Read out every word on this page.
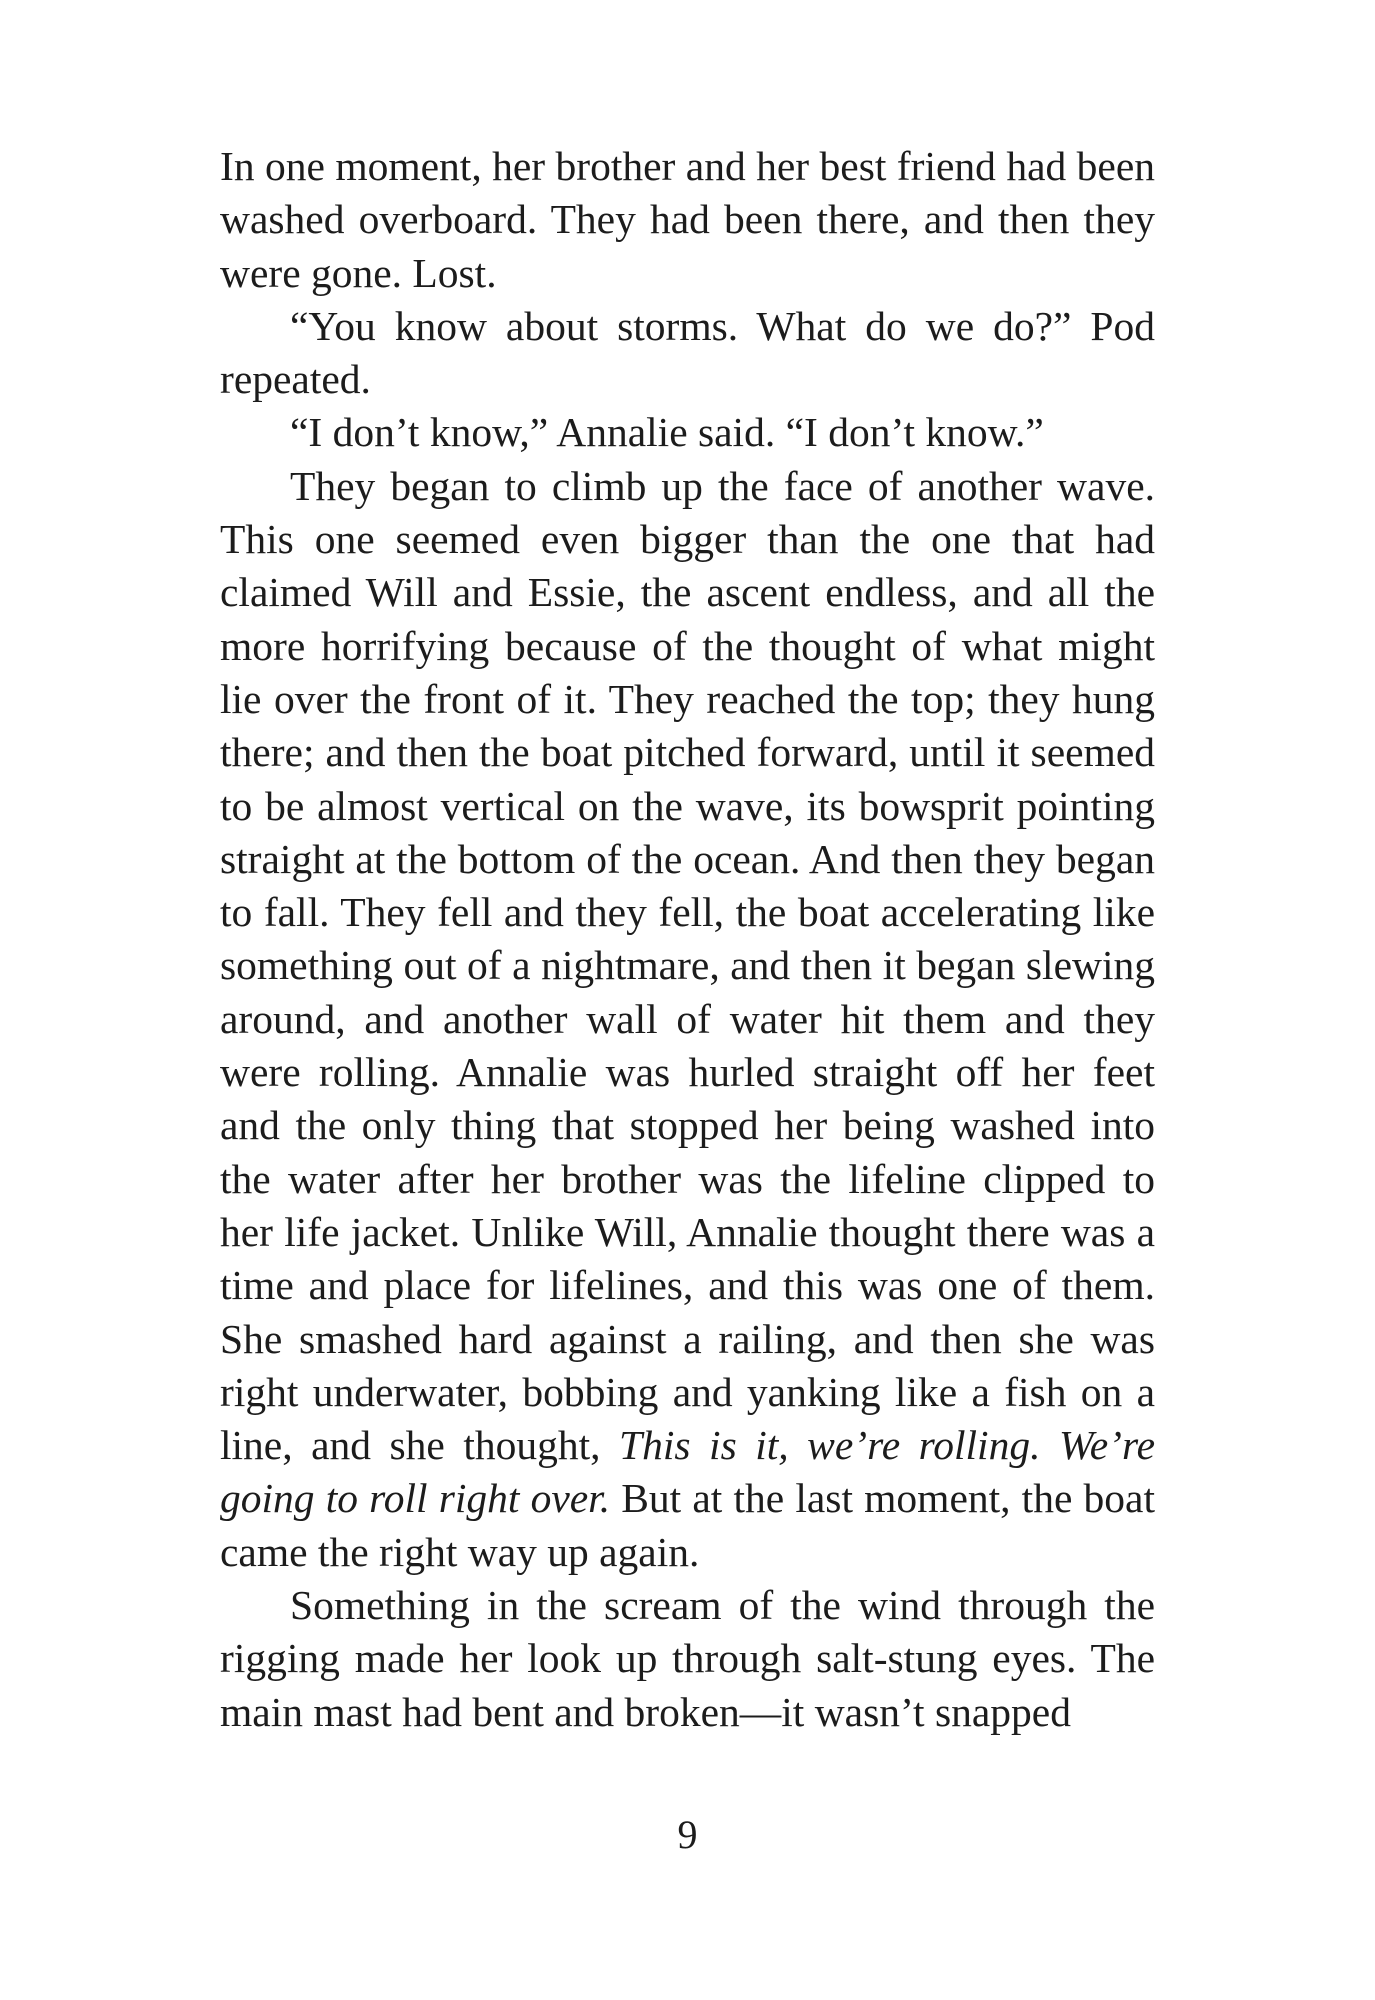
In one moment, her brother and her best friend had been washed overboard. They had been there, and then they were gone. Lost.

“You know about storms. What do we do?” Pod repeated.

“I don’t know,” Annalie said. “I don’t know.”

They began to climb up the face of another wave. This one seemed even bigger than the one that had claimed Will and Essie, the ascent endless, and all the more horrifying because of the thought of what might lie over the front of it. They reached the top; they hung there; and then the boat pitched forward, until it seemed to be almost vertical on the wave, its bowsprit pointing straight at the bottom of the ocean. And then they began to fall. They fell and they fell, the boat accelerating like something out of a nightmare, and then it began slewing around, and another wall of water hit them and they were rolling. Annalie was hurled straight off her feet and the only thing that stopped her being washed into the water after her brother was the lifeline clipped to her life jacket. Unlike Will, Annalie thought there was a time and place for lifelines, and this was one of them. She smashed hard against a railing, and then she was right underwater, bobbing and yanking like a fish on a line, and she thought, This is it, we’re rolling. We’re going to roll right over. But at the last moment, the boat came the right way up again.

Something in the scream of the wind through the rigging made her look up through salt-stung eyes. The main mast had bent and broken—it wasn’t snapped

9
